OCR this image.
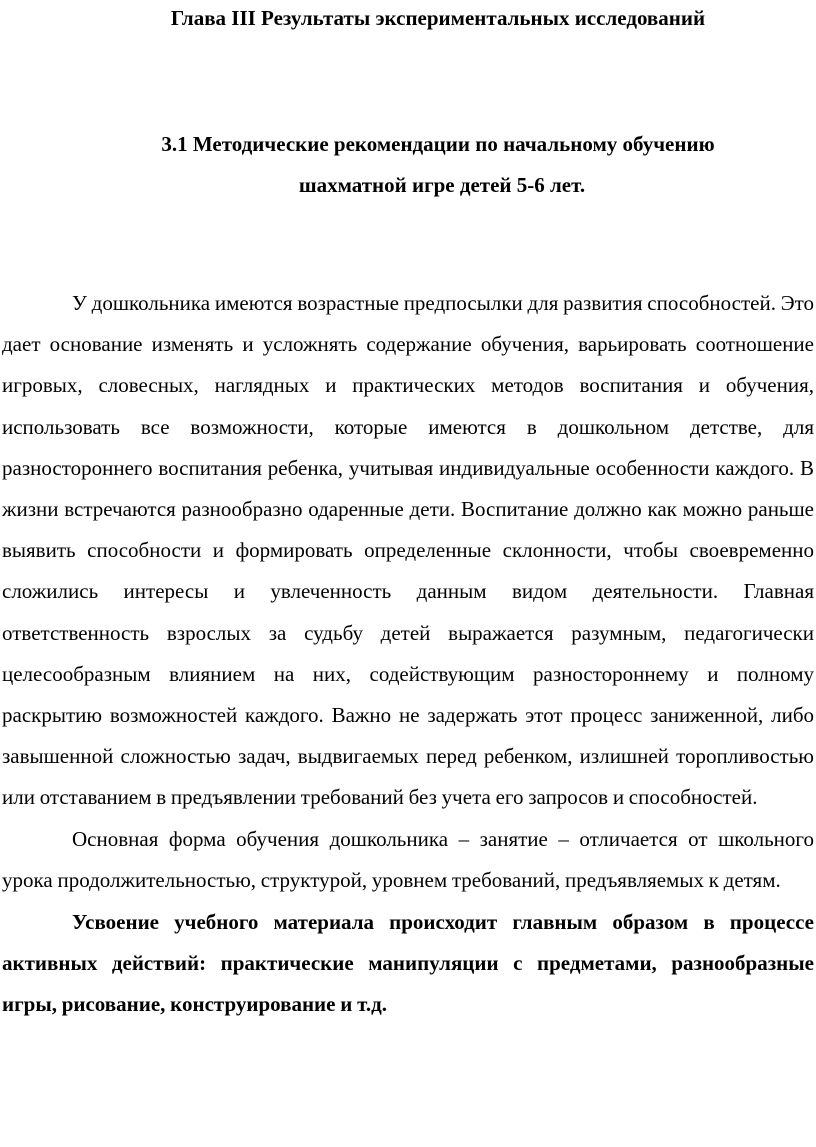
Глава III Результаты экспериментальных исследований
3.1 Методические рекомендации по начальному обучению
шахматной игре детей 5-6 лет.

У дошкольника имеются возрастные предпосылки для развития способностей. Это дает основание изменять и усложнять содержание обучения, варьировать соотношение игровых, словесных, наглядных и практических методов воспитания и обучения, использовать все возможности, которые имеются в дошкольном детстве, для разностороннего воспитания ребенка, учитывая индивидуальные особенности каждого. В жизни встречаются разнообразно одаренные дети. Воспитание должно как можно раньше выявить способности и формировать определенные склонности, чтобы своевременно сложились интересы и увлеченность данным видом деятельности. Главная ответственность взрослых за судьбу детей выражается разумным, педагогически целесообразным влиянием на них, содействующим разностороннему и полному раскрытию возможностей каждого. Важно не задержать этот процесс заниженной, либо завышенной сложностью задач, выдвигаемых перед ребенком, излишней торопливостью или отставанием в предъявлении требований без учета его запросов и способностей.

Основная форма обучения дошкольника – занятие – отличается от школьного урока продолжительностью, структурой, уровнем требований, предъявляемых к детям.

Усвоение учебного материала происходит главным образом в процессе активных действий: практические манипуляции с предметами, разнообразные игры, рисование, конструирование и т.д.
